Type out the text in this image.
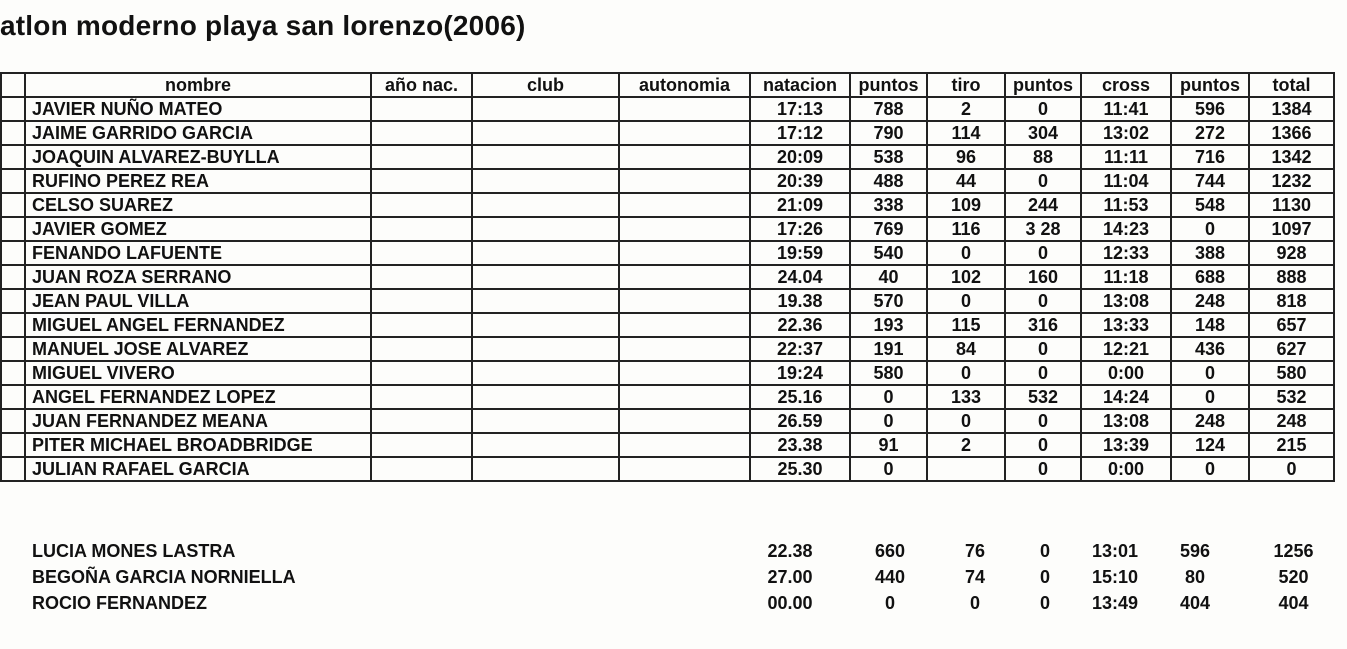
atlon moderno playa san lorenzo(2006)
	nombre	año nac.	club	autonomia	natacion	puntos	tiro	puntos	cross	puntos	total
	JAVIER NUÑO MATEO				17:13	788	2	0	11:41	596	1384
	JAIME GARRIDO GARCIA				17:12	790	114	304	13:02	272	1366
	JOAQUIN ALVAREZ-BUYLLA				20:09	538	96	88	11:11	716	1342
	RUFINO PEREZ REA				20:39	488	44	0	11:04	744	1232
	CELSO SUAREZ				21:09	338	109	244	11:53	548	1130
	JAVIER GOMEZ				17:26	769	116	3 28	14:23	0	1097
	FENANDO LAFUENTE				19:59	540	0	0	12:33	388	928
	JUAN ROZA SERRANO				24.04	40	102	160	11:18	688	888
	JEAN PAUL VILLA				19.38	570	0	0	13:08	248	818
	MIGUEL ANGEL FERNANDEZ				22.36	193	115	316	13:33	148	657
	MANUEL JOSE ALVAREZ				22:37	191	84	0	12:21	436	627
	MIGUEL VIVERO				19:24	580	0	0	0:00	0	580
	ANGEL FERNANDEZ LOPEZ				25.16	0	133	532	14:24	0	532
	JUAN FERNANDEZ MEANA				26.59	0	0	0	13:08	248	248
	PITER MICHAEL BROADBRIDGE				23.38	91	2	0	13:39	124	215
	JULIAN RAFAEL GARCIA				25.30	0		0	0:00	0	0
LUCIA MONES LASTRA	22.38	660	76	0	13:01	596	1256
BEGOÑA GARCIA NORNIELLA	27.00	440	74	0	15:10	80	520
ROCIO FERNANDEZ	00.00	0	0	0	13:49	404	404
